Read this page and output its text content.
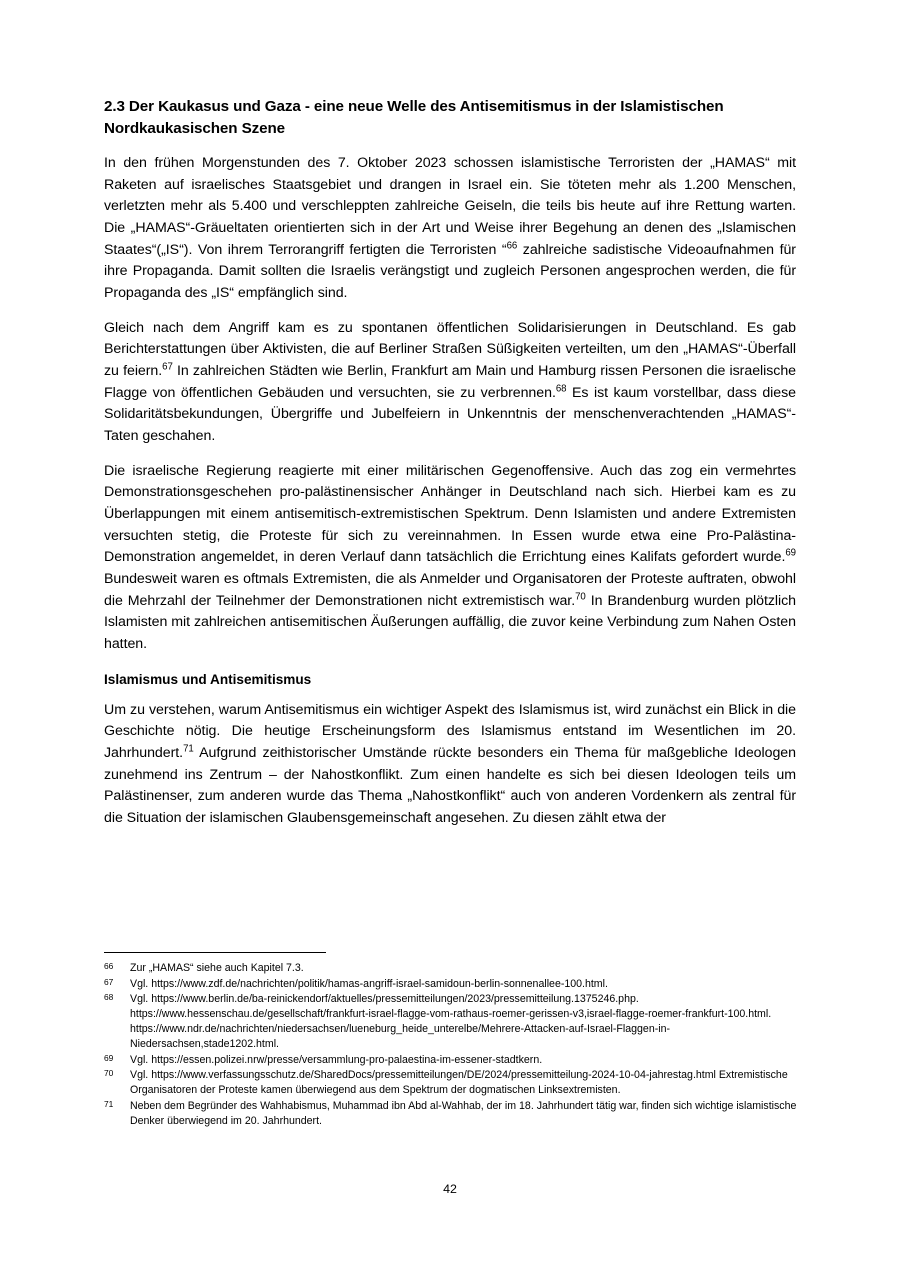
2.3 Der Kaukasus und Gaza - eine neue Welle des Antisemitismus in der Islamistischen Nordkaukasischen Szene

In den frühen Morgenstunden des 7. Oktober 2023 schossen islamistische Terroristen der „HAMAS“ mit Raketen auf israelisches Staatsgebiet und drangen in Israel ein. Sie töteten mehr als 1.200 Menschen, verletzten mehr als 5.400 und verschleppten zahlreiche Geiseln, die teils bis heute auf ihre Rettung warten. Die „HAMAS“-Gräueltaten orientierten sich in der Art und Weise ihrer Begehung an denen des „Islamischen Staates“(„IS“). Von ihrem Terrorangriff fertigten die Terroristen “$^{66}$ zahlreiche sadistische Videoaufnahmen für ihre Propaganda. Damit sollten die Israelis verängstigt und zugleich Personen angesprochen werden, die für Propaganda des „IS“ empfänglich sind.

Gleich nach dem Angriff kam es zu spontanen öffentlichen Solidarisierungen in Deutschland. Es gab Berichterstattungen über Aktivisten, die auf Berliner Straßen Süßigkeiten verteilten, um den „HAMAS“-Überfall zu feiern.$^{67}$ In zahlreichen Städten wie Berlin, Frankfurt am Main und Hamburg rissen Personen die israelische Flagge von öffentlichen Gebäuden und versuchten, sie zu verbrennen.$^{68}$ Es ist kaum vorstellbar, dass diese Solidaritätsbekundungen, Übergriffe und Jubelfeiern in Unkenntnis der menschenverachtenden „HAMAS“-Taten geschahen.

Die israelische Regierung reagierte mit einer militärischen Gegenoffensive. Auch das zog ein vermehrtes Demonstrationsgeschehen pro-palästinensischer Anhänger in Deutschland nach sich. Hierbei kam es zu Überlappungen mit einem antisemitisch-extremistischen Spektrum. Denn Islamisten und andere Extremisten versuchten stetig, die Proteste für sich zu vereinnahmen. In Essen wurde etwa eine Pro-Palästina-Demonstration angemeldet, in deren Verlauf dann tatsächlich die Errichtung eines Kalifats gefordert wurde.$^{69}$ Bundesweit waren es oftmals Extremisten, die als Anmelder und Organisatoren der Proteste auftraten, obwohl die Mehrzahl der Teilnehmer der Demonstrationen nicht extremistisch war.$^{70}$ In Brandenburg wurden plötzlich Islamisten mit zahlreichen antisemitischen Äußerungen auffällig, die zuvor keine Verbindung zum Nahen Osten hatten.

Islamismus und Antisemitismus

Um zu verstehen, warum Antisemitismus ein wichtiger Aspekt des Islamismus ist, wird zunächst ein Blick in die Geschichte nötig. Die heutige Erscheinungsform des Islamismus entstand im Wesentlichen im 20. Jahrhundert.$^{71}$ Aufgrund zeithistorischer Umstände rückte besonders ein Thema für maßgebliche Ideologen zunehmend ins Zentrum – der Nahostkonflikt. Zum einen handelte es sich bei diesen Ideologen teils um Palästinenser, zum anderen wurde das Thema „Nahostkonflikt“ auch von anderen Vordenkern als zentral für die Situation der islamischen Glaubensgemeinschaft angesehen. Zu diesen zählt etwa der

66	Zur „HAMAS“ siehe auch Kapitel 7.3.
67	Vgl. https://www.zdf.de/nachrichten/politik/hamas-angriff-israel-samidoun-berlin-sonnenallee-100.html.
68	Vgl. https://www.berlin.de/ba-reinickendorf/aktuelles/pressemitteilungen/2023/pressemitteilung.1375246.php.
https://www.hessenschau.de/gesellschaft/frankfurt-israel-flagge-vom-rathaus-roemer-gerissen-v3,israel-flagge-roemer-frankfurt-100.html.
https://www.ndr.de/nachrichten/niedersachsen/lueneburg_heide_unterelbe/Mehrere-Attacken-auf-Israel-Flaggen-in-Niedersachsen,stade1202.html.
69	Vgl. https://essen.polizei.nrw/presse/versammlung-pro-palaestina-im-essener-stadtkern.
70	Vgl. https://www.verfassungsschutz.de/SharedDocs/pressemitteilungen/DE/2024/pressemitteilung-2024-10-04-jahrestag.html Extremistische Organisatoren der Proteste kamen überwiegend aus dem Spektrum der dogmatischen Linksextremisten.
71	Neben dem Begründer des Wahhabismus, Muhammad ibn Abd al-Wahhab, der im 18. Jahrhundert tätig war, finden sich wichtige islamistische Denker überwiegend im 20. Jahrhundert.
42
